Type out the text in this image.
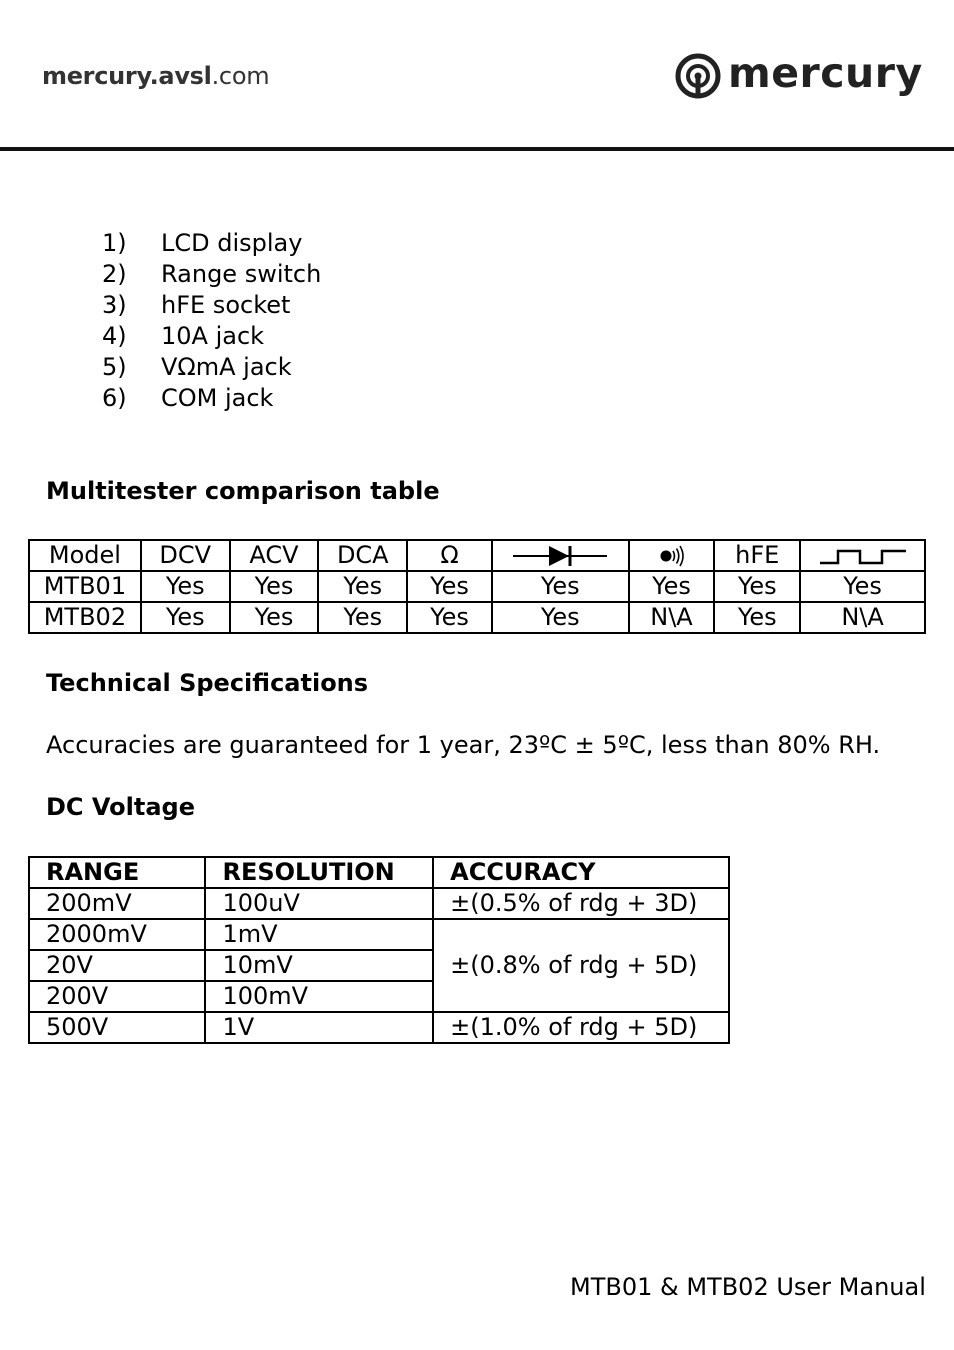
mercury.avsl.com	mercury
1)	LCD display
2)	Range switch
3)	hFE socket
4)	10A jack
5)	VΩmA jack
6)	COM jack
Multitester comparison table
Model	DCV	ACV	DCA	Ω			hFE	
MTB01	Yes	Yes	Yes	Yes	Yes	Yes	Yes	Yes
MTB02	Yes	Yes	Yes	Yes	Yes	N\A	Yes	N\A
Technical Specifications
Accuracies are guaranteed for 1 year, 23ºC ± 5ºC, less than 80% RH.
DC Voltage
RANGE	RESOLUTION	ACCURACY
200mV	100uV	±(0.5% of rdg + 3D)
2000mV	1mV	±(0.8% of rdg + 5D)
20V	10mV	
200V	100mV	
500V	1V	±(1.0% of rdg + 5D)
MTB01 & MTB02 User Manual
